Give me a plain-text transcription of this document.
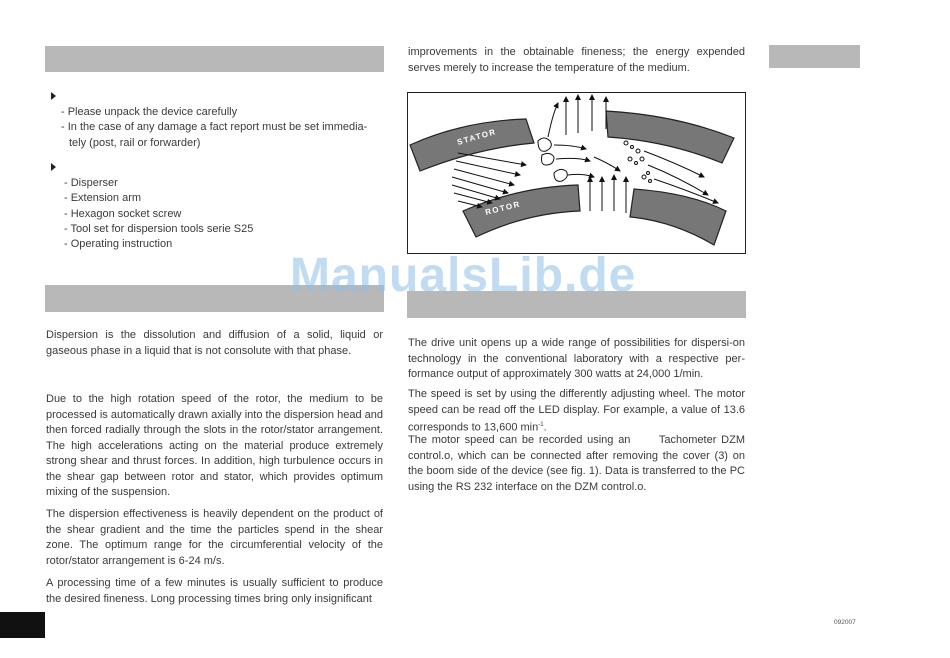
- Please unpack the device carefully
- In the case of any damage a fact report must be set immedia-
tely (post, rail or forwarder)
- Disperser
- Extension arm
- Hexagon socket screw
- Tool set for dispersion tools serie S25
- Operating instruction

Dispersion is the dissolution and diffusion of a solid, liquid or gaseous phase in a liquid that is not consolute with that phase.

Due to the high rotation speed of the rotor, the medium to be processed is automatically drawn axially into the dispersion head and then forced radially through the slots in the rotor/stator arrangement. The high accelerations acting on the material produce extremely strong shear and thrust forces. In addition, high turbulence occurs in the shear gap between rotor and stator, which provides optimum mixing of the suspension.

The dispersion effectiveness is heavily dependent on the product of the shear gradient and the time the particles spend in the shear zone. The optimum range for the circumferential velocity of the rotor/stator arrangement is 6-24 m/s.

A processing time of a few minutes is usually sufficient to produce the desired fineness. Long processing times bring only insignificant

improvements in the obtainable fineness; the energy expended serves merely to increase the temperature of the medium.

STATOR
ROTOR

The drive unit opens up a wide range of possibilities for dispersi-on technology in the conventional laboratory with a respective per-formance output of approximately 300 watts at 24,000 1/min.

The speed is set by using the differently adjusting wheel. The motor speed can be read off the LED display. For example, a value of 13.6 corresponds to 13,600 $\min^{-1}$.

The motor speed can be recorded using an      Tachometer DZM control.o, which can be connected after removing the cover (3) on the boom side of the device (see fig. 1). Data is transferred to the PC using the RS 232 interface on the DZM control.o.

ManualsLib.de
092007
